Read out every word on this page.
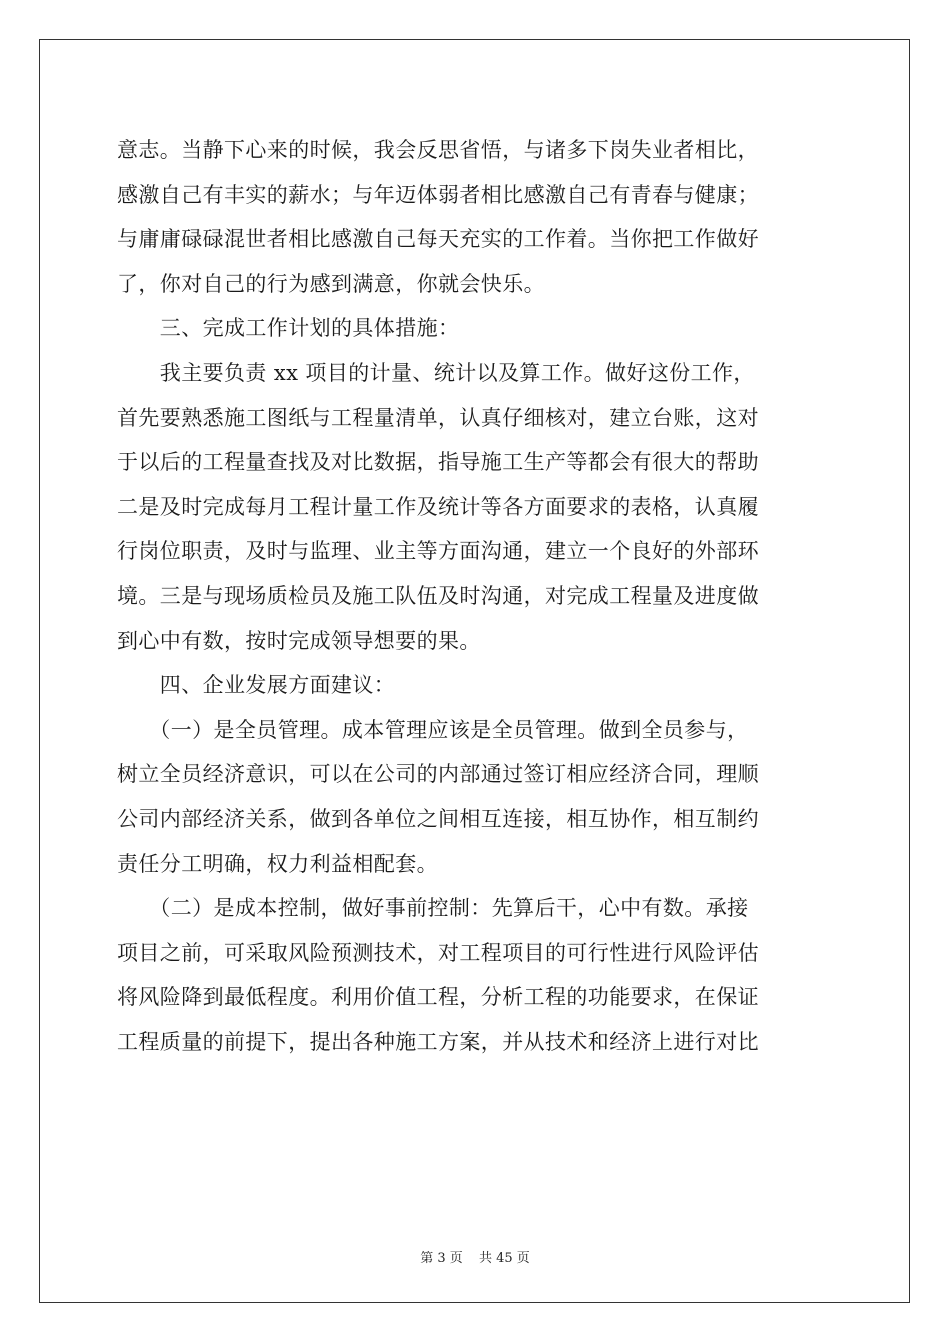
意志。当静下心来的时候，我会反思省悟，与诸多下岗失业者相比，

感激自己有丰实的薪水；与年迈体弱者相比感激自己有青春与健康；

与庸庸碌碌混世者相比感激自己每天充实的工作着。当你把工作做好

了，你对自己的行为感到满意，你就会快乐。

　　三、完成工作计划的具体措施：

　　我主要负责 xx 项目的计量、统计以及算工作。做好这份工作，

首先要熟悉施工图纸与工程量清单，认真仔细核对，建立台账，这对

于以后的工程量查找及对比数据，指导施工生产等都会有很大的帮助

二是及时完成每月工程计量工作及统计等各方面要求的表格，认真履

行岗位职责，及时与监理、业主等方面沟通，建立一个良好的外部环

境。三是与现场质检员及施工队伍及时沟通，对完成工程量及进度做

到心中有数，按时完成领导想要的果。

　　四、企业发展方面建议：

　　（一）是全员管理。成本管理应该是全员管理。做到全员参与，

树立全员经济意识，可以在公司的内部通过签订相应经济合同，理顺

公司内部经济关系，做到各单位之间相互连接，相互协作，相互制约

责任分工明确，权力利益相配套。

　　（二）是成本控制，做好事前控制：先算后干，心中有数。承接

项目之前，可采取风险预测技术，对工程项目的可行性进行风险评估

将风险降到最低程度。利用价值工程，分析工程的功能要求，在保证

工程质量的前提下，提出各种施工方案，并从技术和经济上进行对比

第 3 页 共 45 页
